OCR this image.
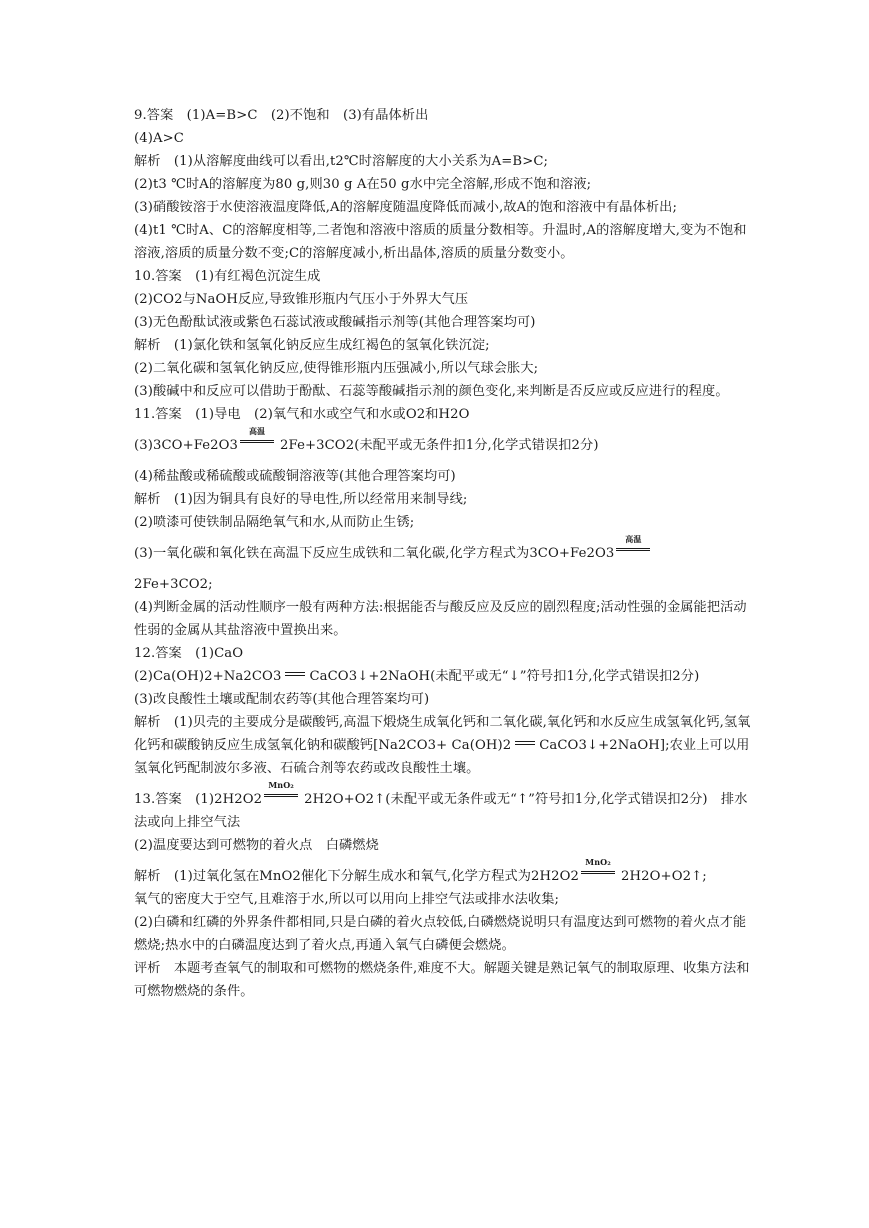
9.答案　(1)A=B>C　(2)不饱和　(3)有晶体析出
(4)A>C
解析　(1)从溶解度曲线可以看出,t2℃时溶解度的大小关系为A=B>C;
(2)t3 ℃时A的溶解度为80 g,则30 g A在50 g水中完全溶解,形成不饱和溶液;
(3)硝酸铵溶于水使溶液温度降低,A的溶解度随温度降低而减小,故A的饱和溶液中有晶体析出;
(4)t1 ℃时A、C的溶解度相等,二者饱和溶液中溶质的质量分数相等。升温时,A的溶解度增大,变为不饱和溶液,溶质的质量分数不变;C的溶解度减小,析出晶体,溶质的质量分数变小。
10.答案　(1)有红褐色沉淀生成
(2)CO2与NaOH反应,导致锥形瓶内气压小于外界大气压
(3)无色酚酞试液或紫色石蕊试液或酸碱指示剂等(其他合理答案均可)
解析　(1)氯化铁和氢氧化钠反应生成红褐色的氢氧化铁沉淀;
(2)二氧化碳和氢氧化钠反应,使得锥形瓶内压强减小,所以气球会胀大;
(3)酸碱中和反应可以借助于酚酞、石蕊等酸碱指示剂的颜色变化,来判断是否反应或反应进行的程度。
11.答案　(1)导电　(2)氧气和水或空气和水或O2和H2O
(3)3CO+Fe2O3
高温
2Fe+3CO2(未配平或无条件扣1分,化学式错误扣2分)
(4)稀盐酸或稀硫酸或硫酸铜溶液等(其他合理答案均可)
解析　(1)因为铜具有良好的导电性,所以经常用来制导线;
(2)喷漆可使铁制品隔绝氧气和水,从而防止生锈;
(3)一氧化碳和氧化铁在高温下反应生成铁和二氧化碳,化学方程式为3CO+Fe2O3
高温
2Fe+3CO2;
(4)判断金属的活动性顺序一般有两种方法:根据能否与酸反应及反应的剧烈程度;活动性强的金属能把活动性弱的金属从其盐溶液中置换出来。
12.答案　(1)CaO
(2)Ca(OH)2+Na2CO3 CaCO3↓+2NaOH(未配平或无“↓”符号扣1分,化学式错误扣2分)
(3)改良酸性土壤或配制农药等(其他合理答案均可)
解析　(1)贝壳的主要成分是碳酸钙,高温下煅烧生成氧化钙和二氧化碳,氧化钙和水反应生成氢氧化钙,氢氧化钙和碳酸钠反应生成氢氧化钠和碳酸钙[Na2CO3+ Ca(OH)2 CaCO3↓+2NaOH];农业上可以用氢氧化钙配制波尔多液、石硫合剂等农药或改良酸性土壤。
13.答案　(1)2H2O2
MnO₂
2H2O+O2↑(未配平或无条件或无“↑”符号扣1分,化学式错误扣2分)　排水法或向上排空气法
(2)温度要达到可燃物的着火点　白磷燃烧
解析　(1)过氧化氢在MnO2催化下分解生成水和氧气,化学方程式为2H2O2
MnO₂
2H2O+O2↑;
氧气的密度大于空气,且难溶于水,所以可以用向上排空气法或排水法收集;
(2)白磷和红磷的外界条件都相同,只是白磷的着火点较低,白磷燃烧说明只有温度达到可燃物的着火点才能燃烧;热水中的白磷温度达到了着火点,再通入氧气白磷便会燃烧。
评析　本题考查氧气的制取和可燃物的燃烧条件,难度不大。解题关键是熟记氧气的制取原理、收集方法和可燃物燃烧的条件。
